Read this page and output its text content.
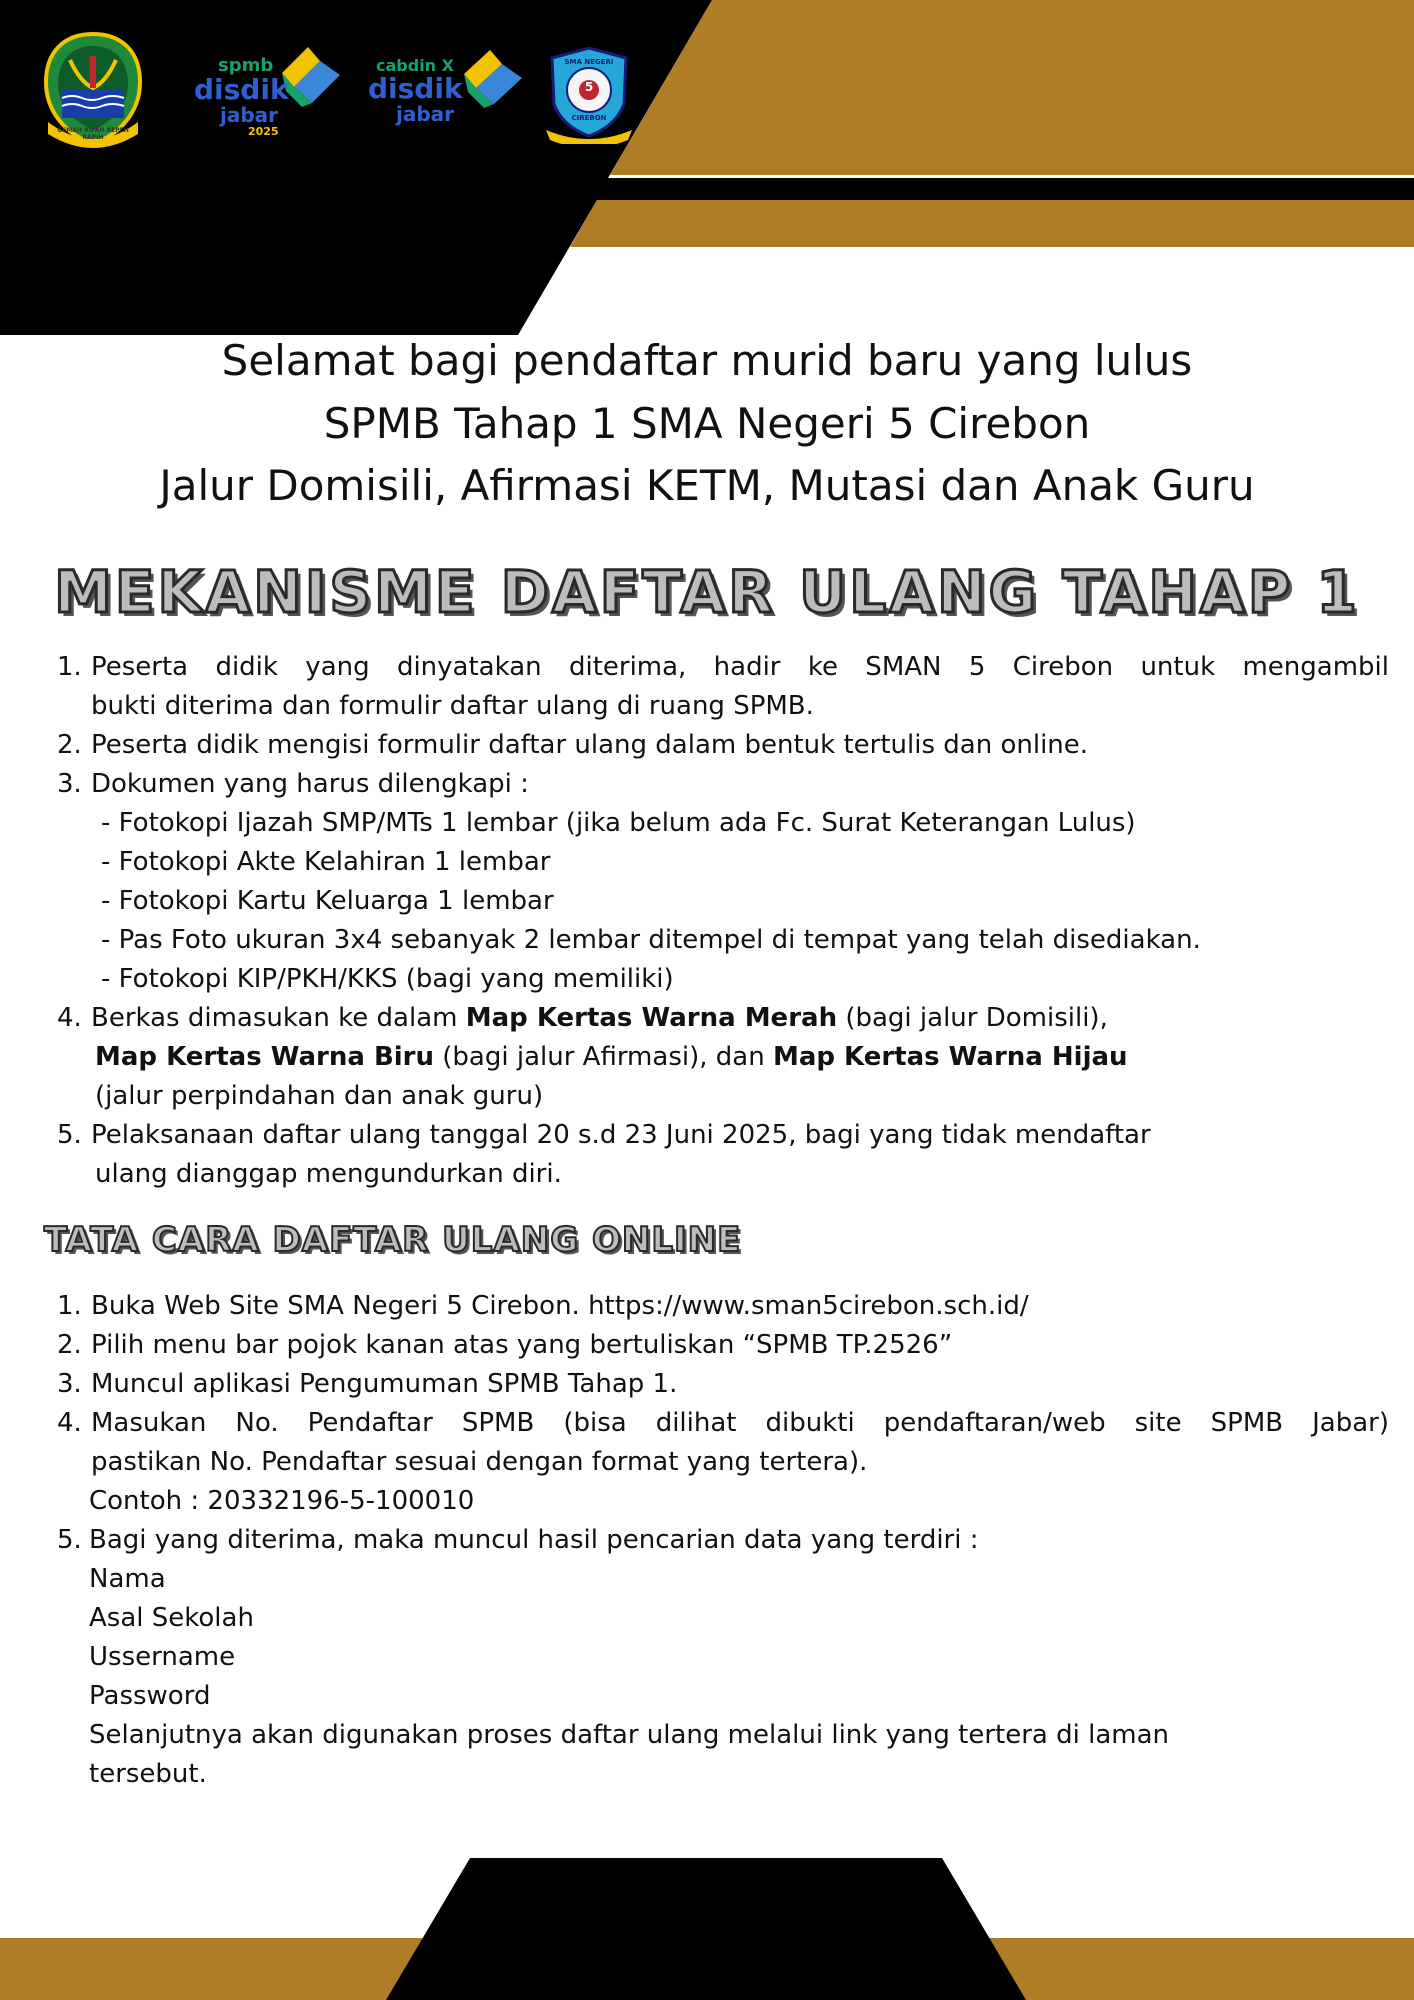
GEMAH RIPAH REPEH RAPIH
spmb
disdik
jabar
2025
cabdin X
disdik
jabar
SMA NEGERI
5
CIREBON
Selamat bagi pendaftar murid baru yang lulus
SPMB Tahap 1 SMA Negeri 5 Cirebon
Jalur Domisili, Afirmasi KETM, Mutasi dan Anak Guru
MEKANISME DAFTAR ULANG TAHAP 1
1. Peserta didik yang dinyatakan diterima, hadir ke SMAN 5 Cirebon untuk mengambil
bukti diterima dan formulir daftar ulang di ruang SPMB.
2. Peserta didik mengisi formulir daftar ulang dalam bentuk tertulis dan online.
3. Dokumen yang harus dilengkapi :
- Fotokopi Ijazah SMP/MTs 1 lembar (jika belum ada Fc. Surat Keterangan Lulus)
- Fotokopi Akte Kelahiran 1 lembar
- Fotokopi Kartu Keluarga 1 lembar
- Pas Foto ukuran 3x4 sebanyak 2 lembar ditempel di tempat yang telah disediakan.
- Fotokopi KIP/PKH/KKS (bagi yang memiliki)
4. Berkas dimasukan ke dalam Map Kertas Warna Merah (bagi jalur Domisili),
Map Kertas Warna Biru (bagi jalur Afirmasi), dan Map Kertas Warna Hijau
(jalur perpindahan dan anak guru)
5. Pelaksanaan daftar ulang tanggal 20 s.d 23 Juni 2025, bagi yang tidak mendaftar
ulang dianggap mengundurkan diri.
TATA CARA DAFTAR ULANG ONLINE
1. Buka Web Site SMA Negeri 5 Cirebon. https://www.sman5cirebon.sch.id/
2. Pilih menu bar pojok kanan atas yang bertuliskan “SPMB TP.2526”
3. Muncul aplikasi Pengumuman SPMB Tahap 1.
4. Masukan No. Pendaftar SPMB (bisa dilihat dibukti pendaftaran/web site SPMB Jabar)
pastikan No. Pendaftar sesuai dengan format yang tertera).
Contoh : 20332196-5-100010
5. Bagi yang diterima, maka muncul hasil pencarian data yang terdiri :
Nama
Asal Sekolah
Ussername
Password
Selanjutnya akan digunakan proses daftar ulang melalui link yang tertera di laman
tersebut.
